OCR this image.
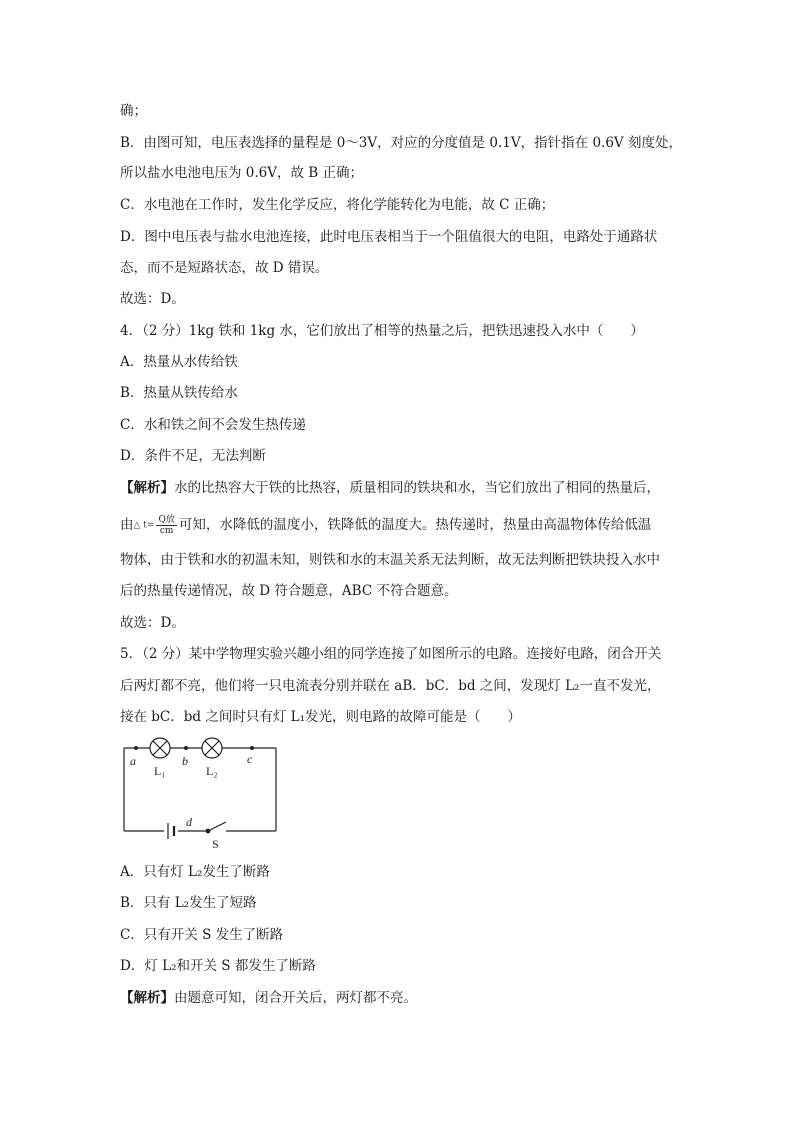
确；
B．由图可知，电压表选择的量程是 0～3V，对应的分度值是 0.1V，指针指在 0.6V 刻度处，
所以盐水电池电压为 0.6V，故 B 正确；
C．水电池在工作时，发生化学反应，将化学能转化为电能，故 C 正确；
D．图中电压表与盐水电池连接，此时电压表相当于一个阻值很大的电阻，电路处于通路状
态，而不是短路状态，故 D 错误。
故选：D。
4．（2 分）1kg 铁和 1kg 水，它们放出了相等的热量之后，把铁迅速投入水中（　　）
A．热量从水传给铁
B．热量从铁传给水
C．水和铁之间不会发生热传递
D．条件不足，无法判断
【解析】水的比热容大于铁的比热容，质量相同的铁块和水，当它们放出了相同的热量后，
由△ $t= \frac{\text{Q放}}{cm}$ 可知，水降低的温度小，铁降低的温度大。热传递时，热量由高温物体传给低温
物体，由于铁和水的初温未知，则铁和水的末温关系无法判断，故无法判断把铁块投入水中
后的热量传递情况，故 D 符合题意，ABC 不符合题意。
故选：D。
5．（2 分）某中学物理实验兴趣小组的同学连接了如图所示的电路。连接好电路，闭合开关
后两灯都不亮，他们将一只电流表分别并联在 aB．bC．bd 之间，发现灯 L₂一直不发光，
接在 bC．bd 之间时只有灯 L₁发光，则电路的故障可能是（　　）
a	b	c
L₁	L₂
d
S
A．只有灯 L₂发生了断路
B．只有 L₂发生了短路
C．只有开关 S 发生了断路
D．灯 L₂和开关 S 都发生了断路
【解析】由题意可知，闭合开关后，两灯都不亮。
